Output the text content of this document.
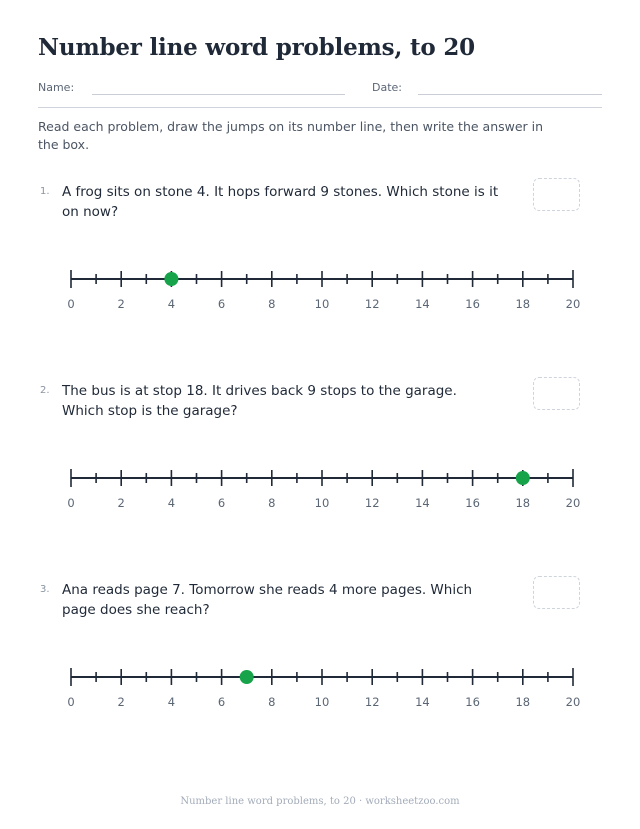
Number line word problems, to 20
Name:	Date:

Read each problem, draw the jumps on its number line, then write the answer in the box.

1. A frog sits on stone 4. It hops forward 9 stones. Which stone is it on now?

0	2	4	6	8	10	12	14	16	18	20
2. The bus is at stop 18. It drives back 9 stops to the garage. Which stop is the garage?

0	2	4	6	8	10	12	14	16	18	20
3. Ana reads page 7. Tomorrow she reads 4 more pages. Which page does she reach?

0	2	4	6	8	10	12	14	16	18	20
Number line word problems, to 20 · worksheetzoo.com
